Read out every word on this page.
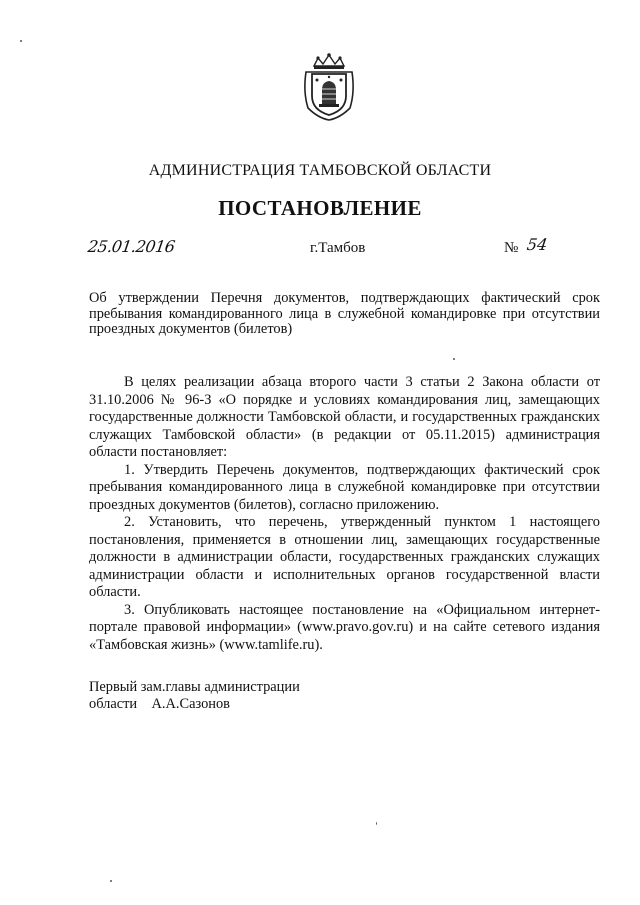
АДМИНИСТРАЦИЯ ТАМБОВСКОЙ ОБЛАСТИ
ПОСТАНОВЛЕНИЕ
25.01.2016	г.Тамбов	№ 54
Об утверждении Перечня документов, подтверждающих фактический срок пребывания командированного лица в служебной командировке при отсутствии проездных документов (билетов)

В целях реализации абзаца второго части 3 статьи 2 Закона области от 31.10.2006 № 96-З «О порядке и условиях командирования лиц, замещающих государственные должности Тамбовской области, и государственных гражданских служащих Тамбовской области» (в редакции от 05.11.2015) администрация области постановляет:

1. Утвердить Перечень документов, подтверждающих фактический срок пребывания командированного лица в служебной командировке при отсутствии проездных документов (билетов), согласно приложению.

2. Установить, что перечень, утвержденный пунктом 1 настоящего постановления, применяется в отношении лиц, замещающих государственные должности в администрации области, государственных гражданских служащих администрации области и исполнительных органов государственной власти области.

3. Опубликовать настоящее постановление на «Официальном интернет-портале правовой информации» (www.pravo.gov.ru) и на сайте сетевого издания «Тамбовская жизнь» (www.tamlife.ru).

Первый зам.главы администрации
области А.А.Сазонов
